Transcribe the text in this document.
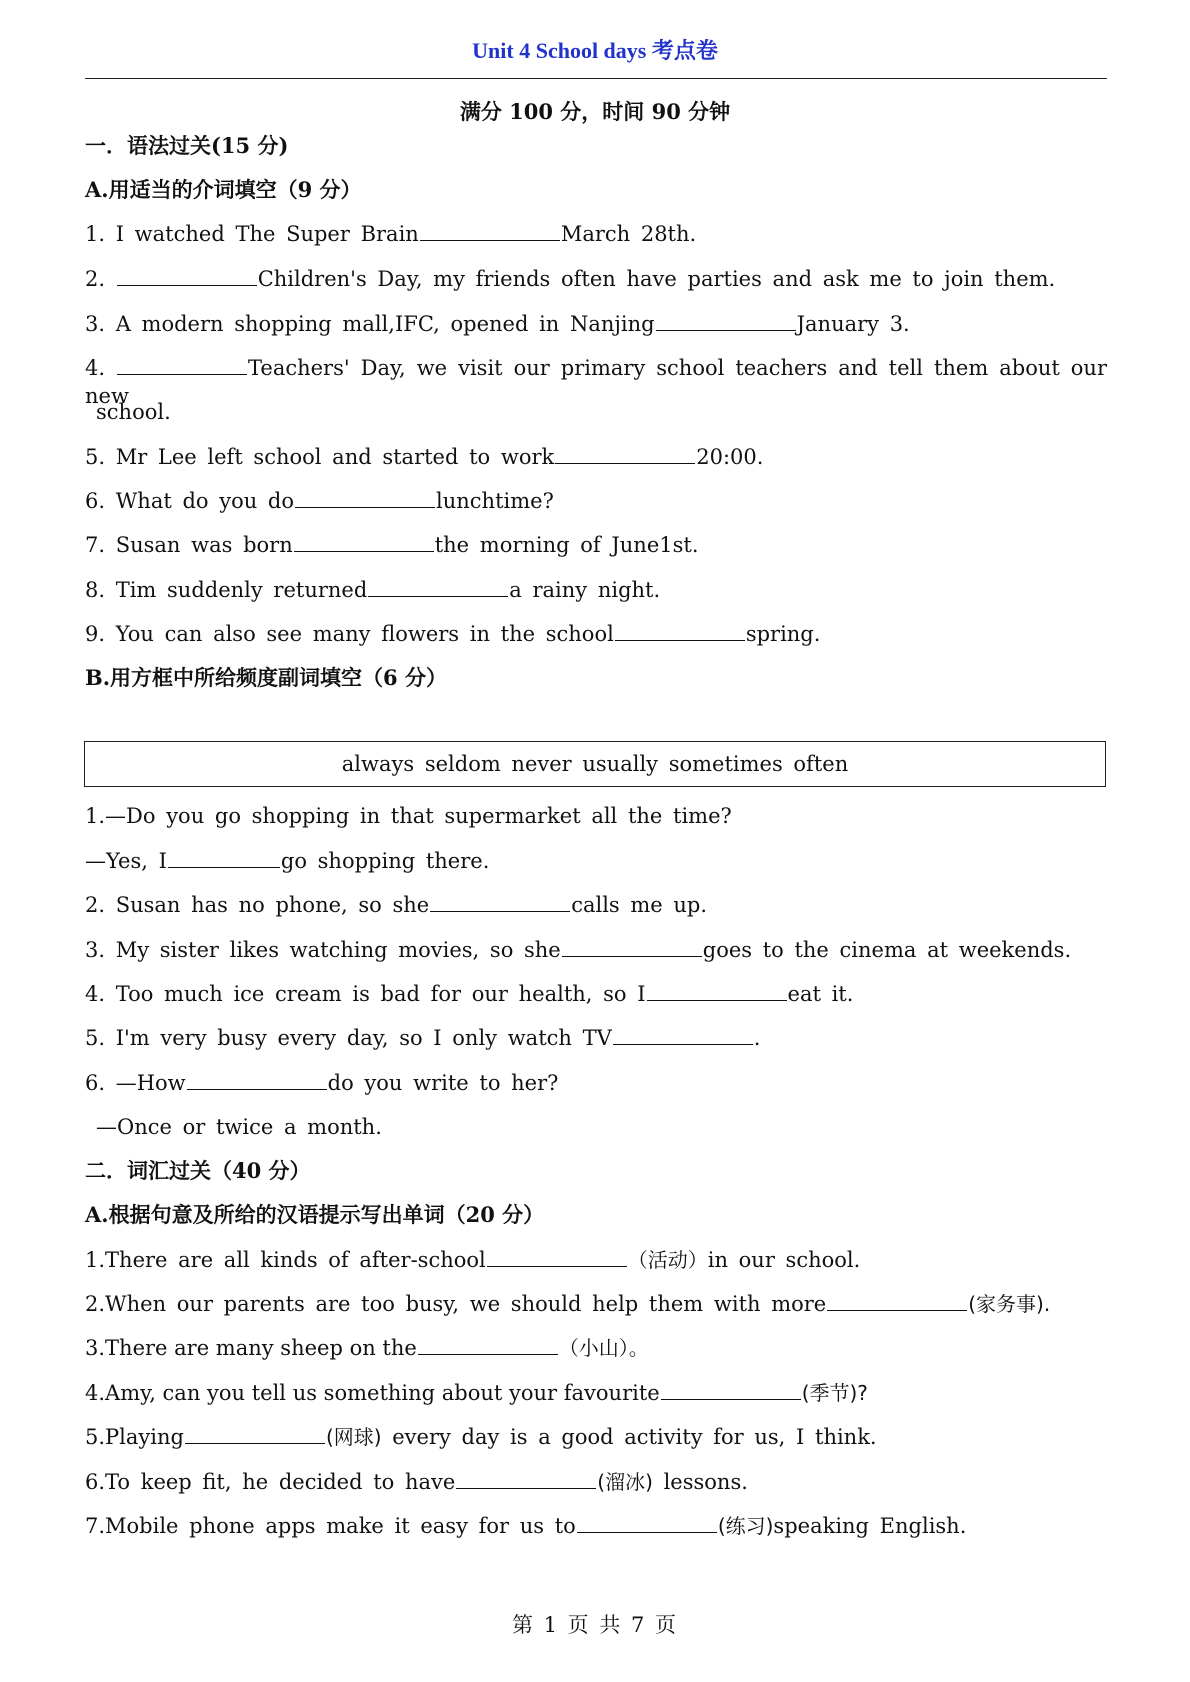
Unit 4 School days 考点卷
满分 100 分，时间 90 分钟
一．语法过关(15 分)
A.用适当的介词填空（9 分）
1. I watched The Super Brain	March 28th.
2.	Children's Day, my friends often have parties and ask me to join them.
3. A modern shopping mall,IFC, opened in Nanjing	January 3.
4.	Teachers' Day, we visit our primary school teachers and tell them about our new
school.
5. Mr Lee left school and started to work	20:00.
6. What do you do	lunchtime?
7. Susan was born	the morning of June1st.
8. Tim suddenly returned	a rainy night.
9. You can also see many flowers in the school	spring.
B.用方框中所给频度副词填空（6 分）
always seldom never usually sometimes often
1.—Do you go shopping in that supermarket all the time?
—Yes, I	go shopping there.
2. Susan has no phone, so she	calls me up.
3. My sister likes watching movies, so she	goes to the cinema at weekends.
4. Too much ice cream is bad for our health, so I	eat it.
5. I'm very busy every day, so I only watch TV	.
6. —How	do you write to her?
—Once or twice a month.
二．词汇过关（40 分）
A.根据句意及所给的汉语提示写出单词（20 分）
1.There are all kinds of after-school	（活动）in our school.
2.When our parents are too busy, we should help them with more	(家务事).
3.There are many sheep on the	（小山）。
4.Amy, can you tell us something about your favourite	(季节)?
5.Playing	(网球) every day is a good activity for us, I think.
6.To keep fit, he decided to have	(溜冰) lessons.
7.Mobile phone apps make it easy for us to	(练习)speaking English.
第 1 页 共 7 页
